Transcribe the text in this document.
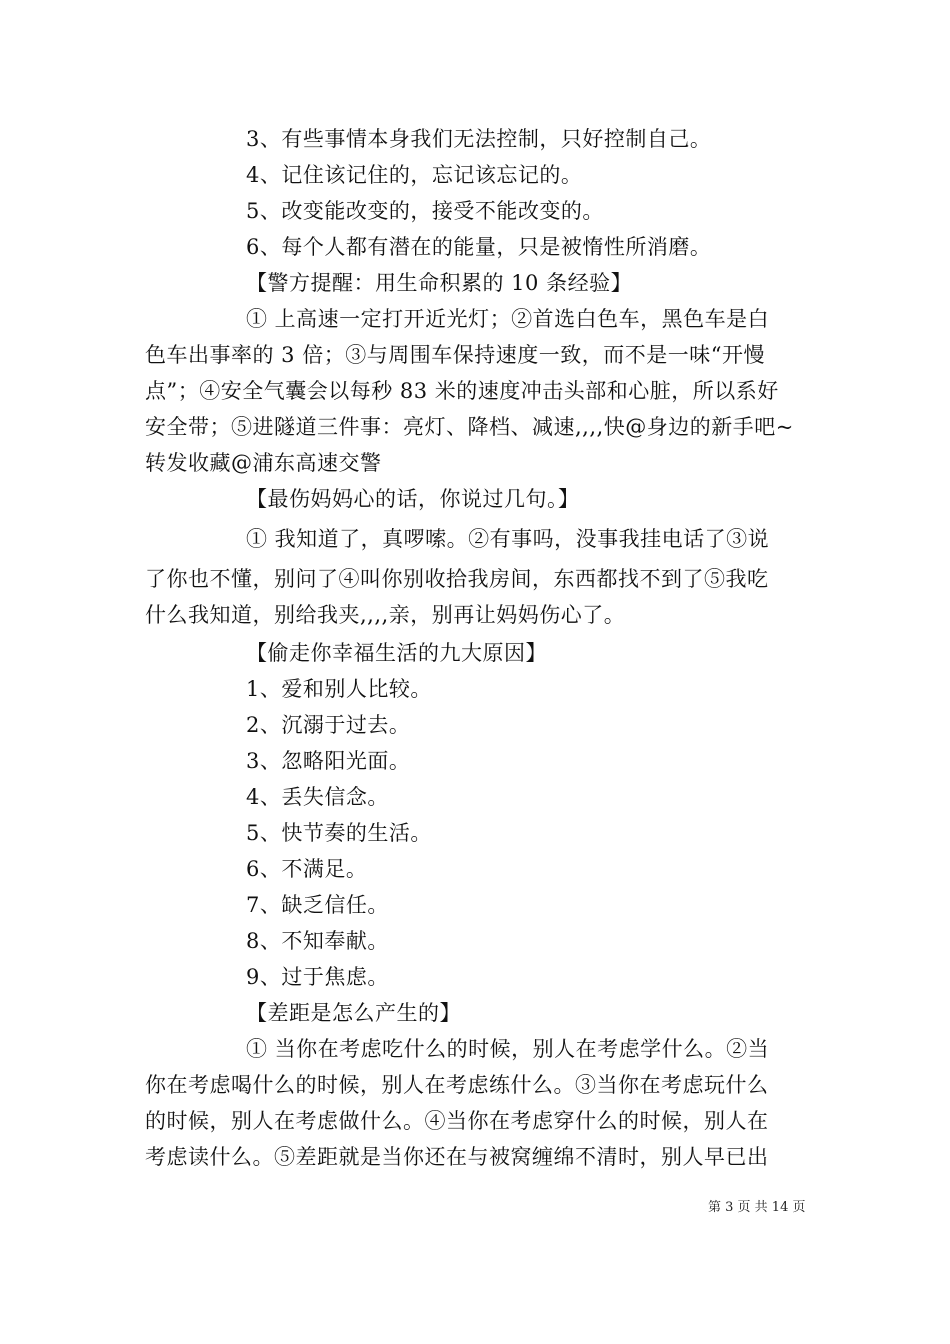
3、有些事情本身我们无法控制，只好控制自己。
4、记住该记住的，忘记该忘记的。
5、改变能改变的，接受不能改变的。
6、每个人都有潜在的能量，只是被惰性所消磨。
【警方提醒：用生命积累的 10 条经验】
① 上高速一定打开近光灯；②首选白色车，黑色车是白
色车出事率的 3 倍；③与周围车保持速度一致，而不是一味“开慢
点”；④安全气囊会以每秒 83 米的速度冲击头部和心脏，所以系好
安全带；⑤进隧道三件事：亮灯、降档、减速,,,,快@身边的新手吧~
转发收藏@浦东高速交警
【最伤妈妈心的话，你说过几句。】
① 我知道了，真啰嗦。②有事吗，没事我挂电话了③说
了你也不懂，别问了④叫你别收拾我房间，东西都找不到了⑤我吃
什么我知道，别给我夹,,,,亲，别再让妈妈伤心了。
【偷走你幸福生活的九大原因】
1、爱和别人比较。
2、沉溺于过去。
3、忽略阳光面。
4、丢失信念。
5、快节奏的生活。
6、不满足。
7、缺乏信任。
8、不知奉献。
9、过于焦虑。
【差距是怎么产生的】
① 当你在考虑吃什么的时候，别人在考虑学什么。②当
你在考虑喝什么的时候，别人在考虑练什么。③当你在考虑玩什么
的时候，别人在考虑做什么。④当你在考虑穿什么的时候，别人在
考虑读什么。⑤差距就是当你还在与被窝缠绵不清时，别人早已出
第 3 页 共 14 页
